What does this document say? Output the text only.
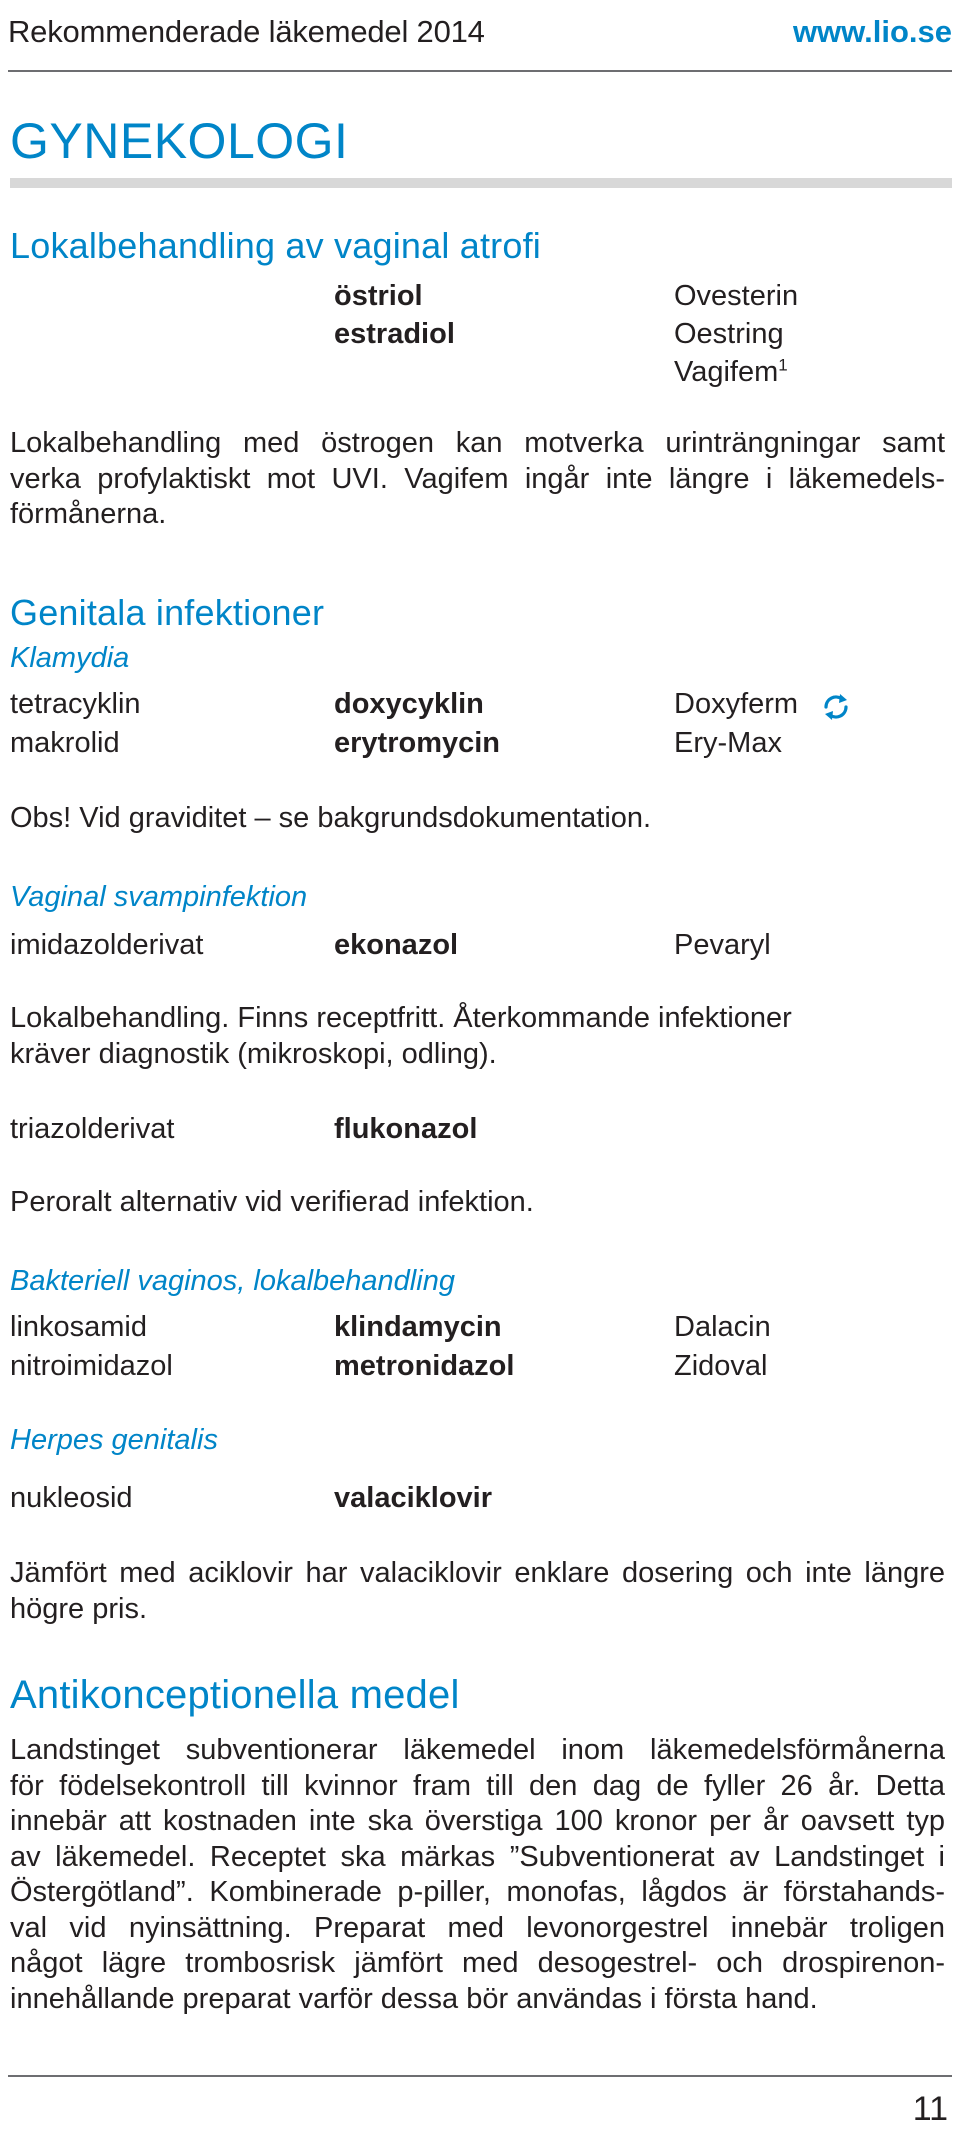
Rekommenderade läkemedel 2014	www.lio.se
GYNEKOLOGI
Lokalbehandling av vaginal atrofi
östriol	Ovesterin
estradiol	Oestring
Vagifem$^1$
Lokalbehandling med östrogen kan motverka urinträngningar samt
verka profylaktiskt mot UVI. Vagifem ingår inte längre i läkemedels-
förmånerna.
Genitala infektioner
Klamydia
tetracyklin	doxycyklin	Doxyferm
makrolid	erytromycin	Ery-Max
Obs! Vid graviditet – se bakgrundsdokumentation.
Vaginal svampinfektion
imidazolderivat	ekonazol	Pevaryl
Lokalbehandling. Finns receptfritt. Återkommande infektioner
kräver diagnostik (mikroskopi, odling).
triazolderivat	flukonazol
Peroralt alternativ vid verifierad infektion.
Bakteriell vaginos, lokalbehandling
linkosamid	klindamycin	Dalacin
nitroimidazol	metronidazol	Zidoval
Herpes genitalis
nukleosid	valaciklovir
Jämfört med aciklovir har valaciklovir enklare dosering och inte längre
högre pris.
Antikonceptionella medel
Landstinget subventionerar läkemedel inom läkemedelsförmånerna
för födelsekontroll till kvinnor fram till den dag de fyller 26 år. Detta
innebär att kostnaden inte ska överstiga 100 kronor per år oavsett typ
av läkemedel. Receptet ska märkas ”Subventionerat av Landstinget i
Östergötland”. Kombinerade p-piller, monofas, lågdos är förstahands-
val vid nyinsättning. Preparat med levonorgestrel innebär troligen
något lägre trombosrisk jämfört med desogestrel- och drospirenon-
innehållande preparat varför dessa bör användas i första hand.
11
